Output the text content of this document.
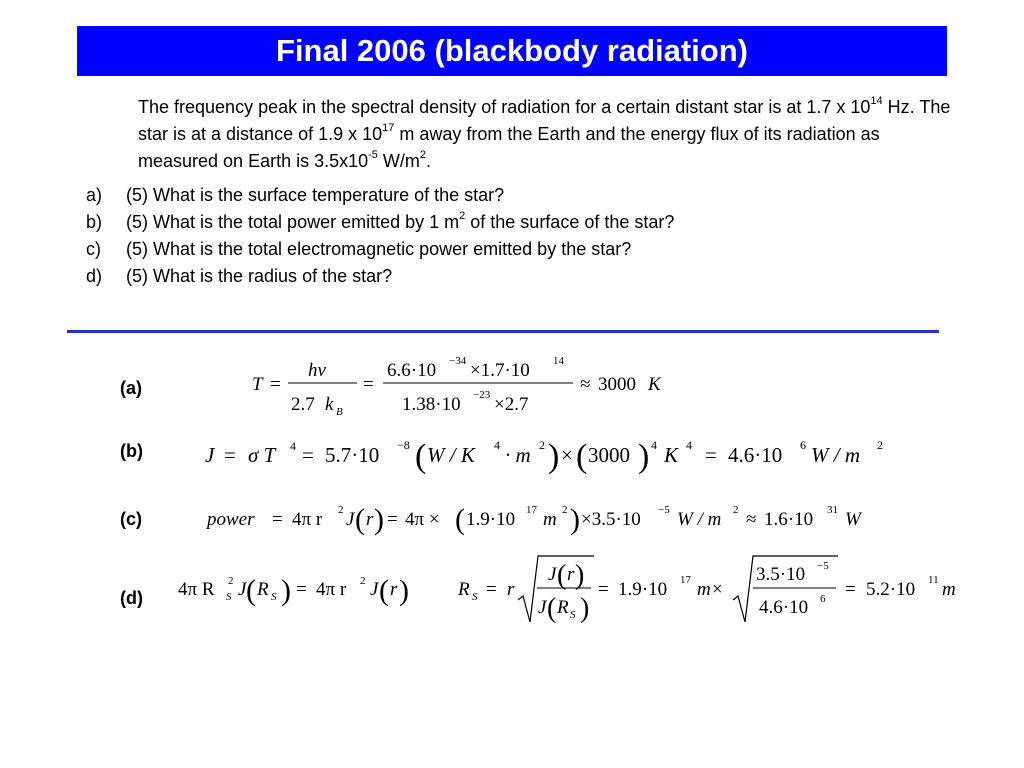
Final 2006 (blackbody radiation)
The frequency peak in the spectral density of radiation for a certain distant star is at 1.7 x $10^{14}$ Hz. The star is at a distance of 1.9 x $10^{17}$ m away from the Earth and the energy flux of its radiation as measured on Earth is $3.5x10^{-5}$ $W/m^2$.
a)	(5) What is the surface temperature of the star?
b)	(5) What is the total power emitted by 1 $m^2$ of the surface of the star?
c)	(5) What is the total electromagnetic power emitted by the star?
d)	(5) What is the radius of the star?
(a)
(b)
(c)
(d)
T =
hν
2.7 k B
=
6.6·10 −34 ×1.7·10 14
1.38·10 −23 ×2.7
≈ 3000 K
J = σ T 4 = 5.7·10 −8 ( W / K 4 · m 2 ) × ( 3000 ) 4 K 4 = 4.6·10 6 W / m 2
power = 4π r 2 J ( r ) = 4π × ( 1.9·10 17 m 2 ) ×3.5·10 −5 W / m 2 ≈ 1.6·10 31 W
4π R 2
S J ( R S ) = 4π r 2 J ( r )	R S = r
J ( r )
J ( R S )
= 1.9·10 17 m×
3.5·10 −5
4.6·10 6 = 5.2·10 11 m
